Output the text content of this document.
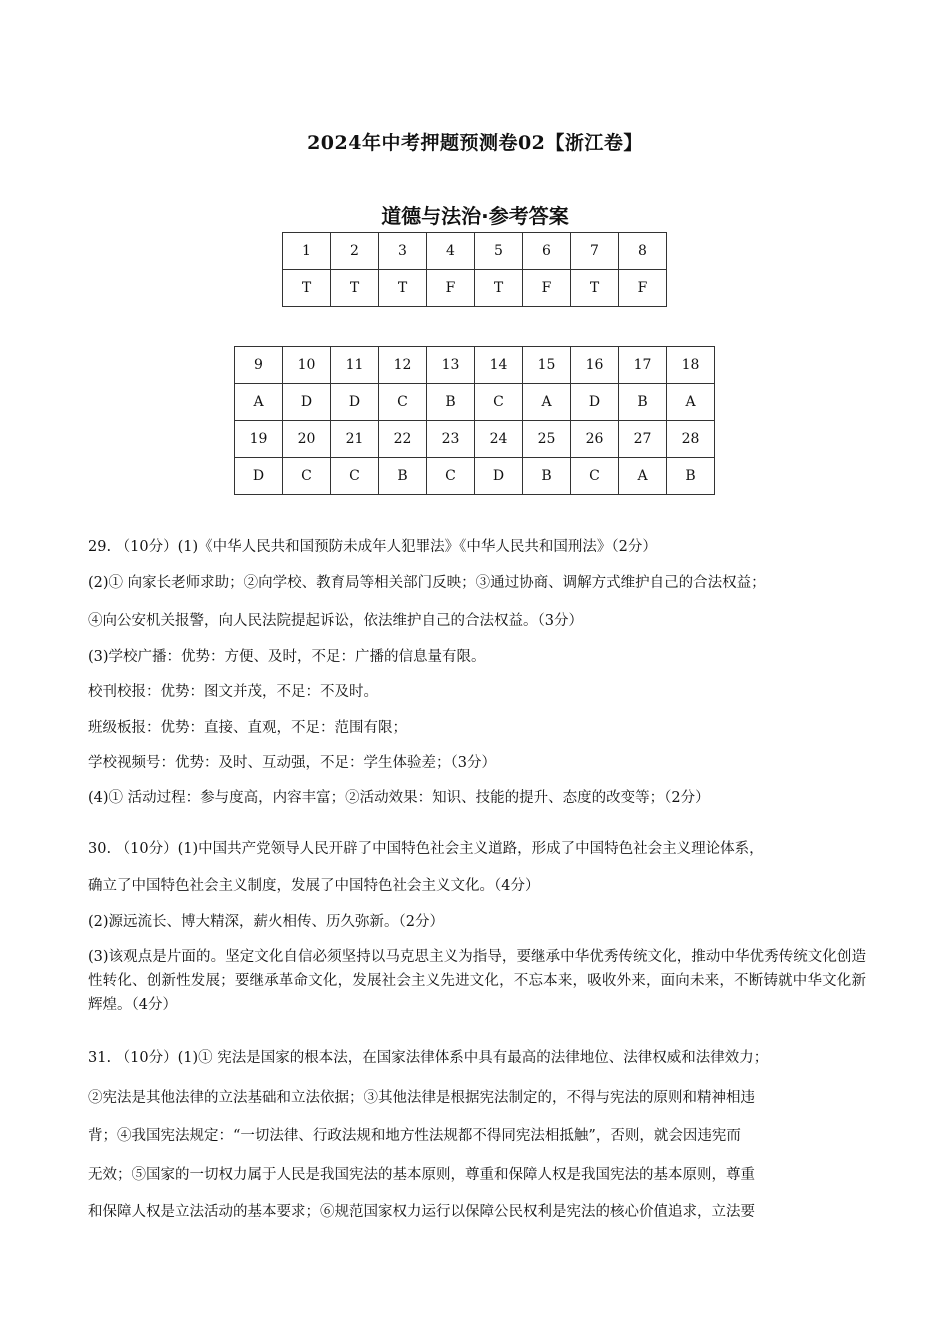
2024年中考押题预测卷02【浙江卷】
道德与法治·参考答案
1	2	3	4	5	6	7	8
T	T	T	F	T	F	T	F
9	10	11	12	13	14	15	16	17	18
A	D	D	C	B	C	A	D	B	A
19	20	21	22	23	24	25	26	27	28
D	C	C	B	C	D	B	C	A	B
29. （10分）(1)《中华人民共和国预防未成年人犯罪法》《中华人民共和国刑法》（2分）
(2)① 向家长老师求助；②向学校、教育局等相关部门反映；③通过协商、调解方式维护自己的合法权益；
④向公安机关报警，向人民法院提起诉讼，依法维护自己的合法权益。（3分）
(3)学校广播：优势：方便、及时，不足：广播的信息量有限。
校刊校报：优势：图文并茂，不足：不及时。
班级板报：优势：直接、直观，不足：范围有限；
学校视频号：优势：及时、互动强，不足：学生体验差；（3分）
(4)① 活动过程：参与度高，内容丰富；②活动效果：知识、技能的提升、态度的改变等；（2分）
30. （10分）(1)中国共产党领导人民开辟了中国特色社会主义道路，形成了中国特色社会主义理论体系，
确立了中国特色社会主义制度，发展了中国特色社会主义文化。（4分）
(2)源远流长、博大精深，薪火相传、历久弥新。（2分）
(3)该观点是片面的。坚定文化自信必须坚持以马克思主义为指导，要继承中华优秀传统文化，推动中华优秀传统文化创造性转化、创新性发展；要继承革命文化，发展社会主义先进文化，不忘本来，吸收外来，面向未来，不断铸就中华文化新辉煌。（4分）
31. （10分）(1)① 宪法是国家的根本法，在国家法律体系中具有最高的法律地位、法律权威和法律效力；
②宪法是其他法律的立法基础和立法依据；③其他法律是根据宪法制定的，不得与宪法的原则和精神相违
背；④我国宪法规定：“一切法律、行政法规和地方性法规都不得同宪法相抵触”，否则，就会因违宪而
无效；⑤国家的一切权力属于人民是我国宪法的基本原则，尊重和保障人权是我国宪法的基本原则，尊重
和保障人权是立法活动的基本要求；⑥规范国家权力运行以保障公民权利是宪法的核心价值追求，立法要
